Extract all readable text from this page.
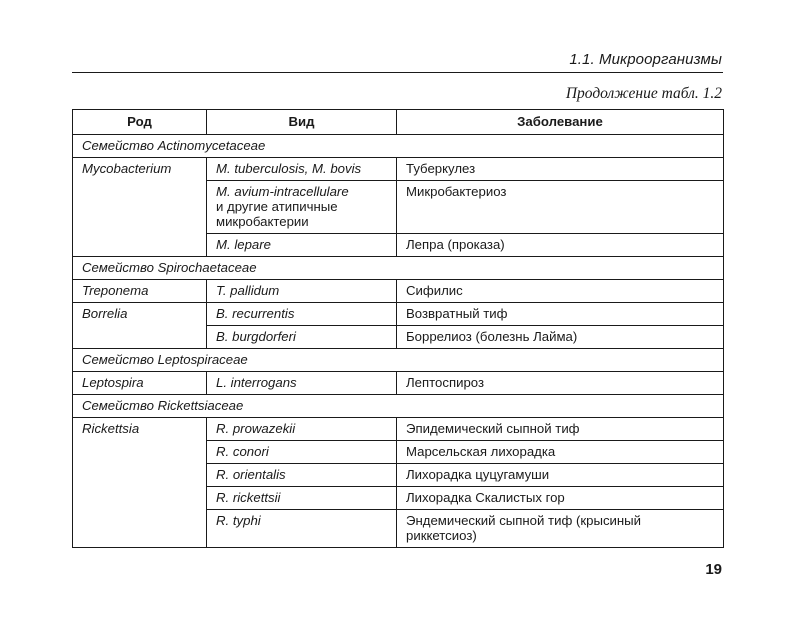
1.1. Микроорганизмы
Продолжение табл. 1.2
Род	Вид	Заболевание
Семейство Actinomycetaceae		
Mycobacterium	M. tuberculosis, M. bovis	Туберкулез
	M. avium-intracellulare
и другие атипичные
микробактерии	Микробактериоз
	M. lepare	Лепра (проказа)
Семейство Spirochaetaceae		
Treponema	T. pallidum	Сифилис
Borrelia	B. recurrentis	Возвратный тиф
	B. burgdorferi	Боррелиоз (болезнь Лайма)
Семейство Leptospiraceae		
Leptospira	L. interrogans	Лептоспироз
Семейство Rickettsiaceae		
Rickettsia	R. prowazekii	Эпидемический сыпной тиф
	R. conori	Марсельская лихорадка
	R. orientalis	Лихорадка цуцугамуши
	R. rickettsii	Лихорадка Скалистых гор
	R. typhi	Эндемический сыпной тиф (крысиный риккетсиоз)
19
